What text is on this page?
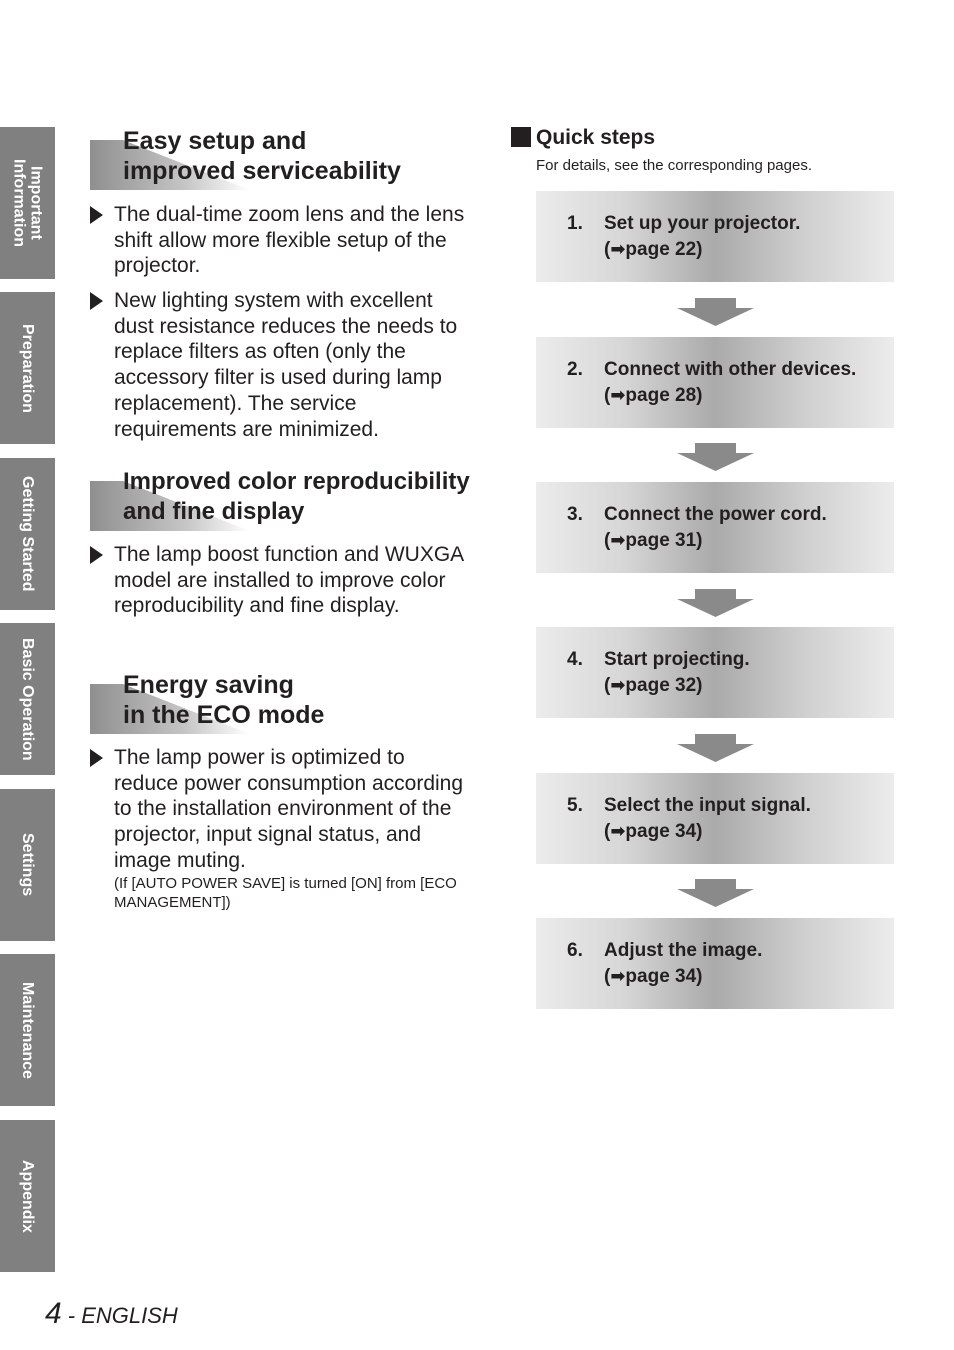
Important
Information
Preparation
Getting Started
Basic Operation
Settings
Maintenance
Appendix
Easy setup and
improved serviceability
The dual-time zoom lens and the lens shift allow more flexible setup of the projector.
New lighting system with excellent dust resistance reduces the needs to replace filters as often (only the accessory filter is used during lamp replacement). The service requirements are minimized.
Improved color reproducibility
and fine display
The lamp boost function and WUXGA model are installed to improve color reproducibility and fine display.
Energy saving
in the ECO mode
The lamp power is optimized to reduce power consumption according to the installation environment of the projector, input signal status, and image muting.
(If [AUTO POWER SAVE] is turned [ON] from [ECO MANAGEMENT])
Quick steps
For details, see the corresponding pages.
1. Set up your projector.
(➡page 22)
2. Connect with other devices.
(➡page 28)
3. Connect the power cord.
(➡page 31)
4. Start projecting.
(➡page 32)
5. Select the input signal.
(➡page 34)
6. Adjust the image.
(➡page 34)
4 - ENGLISH
